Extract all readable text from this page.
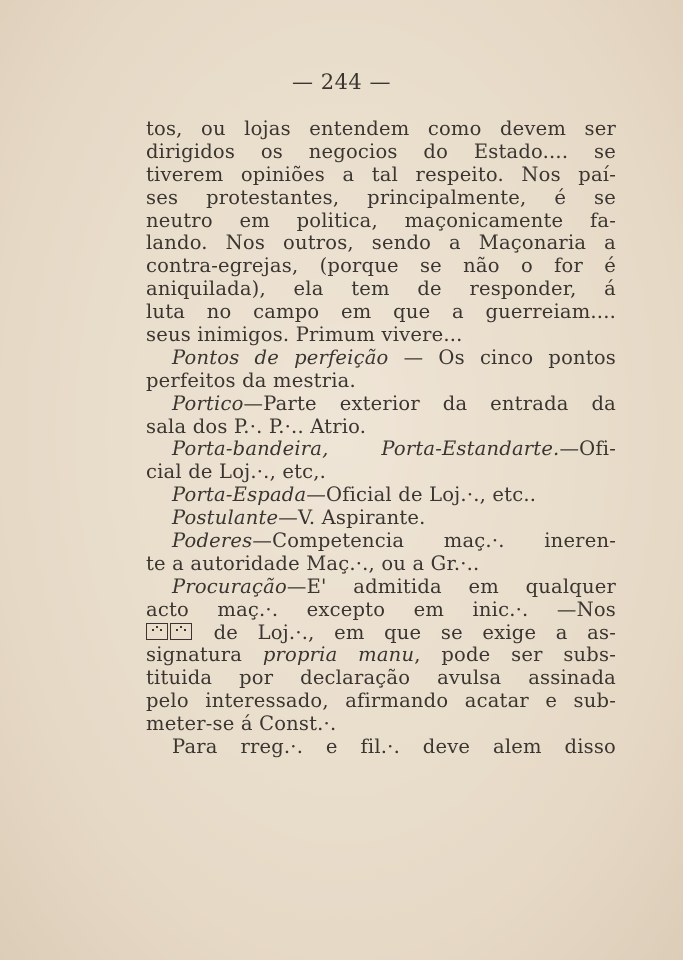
— 244 —
tos, ou lojas entendem como devem ser
dirigidos os negocios do Estado.... se
tiverem opiniões a tal respeito. Nos paí-
ses protestantes, principalmente, é se
neutro em politica, maçonicamente fa-
lando. Nos outros, sendo a Maçonaria a
contra-egrejas, (porque se não o for é
aniquilada), ela tem de responder, á
luta no campo em que a guerreiam....
seus inimigos. Primum vivere...
Pontos de perfeição — Os cinco pontos
perfeitos da mestria.
Portico—Parte exterior da entrada da
sala dos P.·. P.·.. Atrio.
Porta-bandeira, Porta-Estandarte.—Ofi-
cial de Loj.·., etc,.
Porta-Espada—Oficial de Loj.·., etc..
Postulante—V. Aspirante.
Poderes—Competencia maç.·. ineren-
te a autoridade Maç.·., ou a Gr.·..
Procuração—E' admitida em qualquer
acto maç.·. excepto em inic.·. —Nos
de Loj.·., em que se exige a as-
signatura propria manu, pode ser subs-
tituida por declaração avulsa assinada
pelo interessado, afirmando acatar e sub-
meter-se á Const.·.
Para rreg.·. e fil.·. deve alem disso
